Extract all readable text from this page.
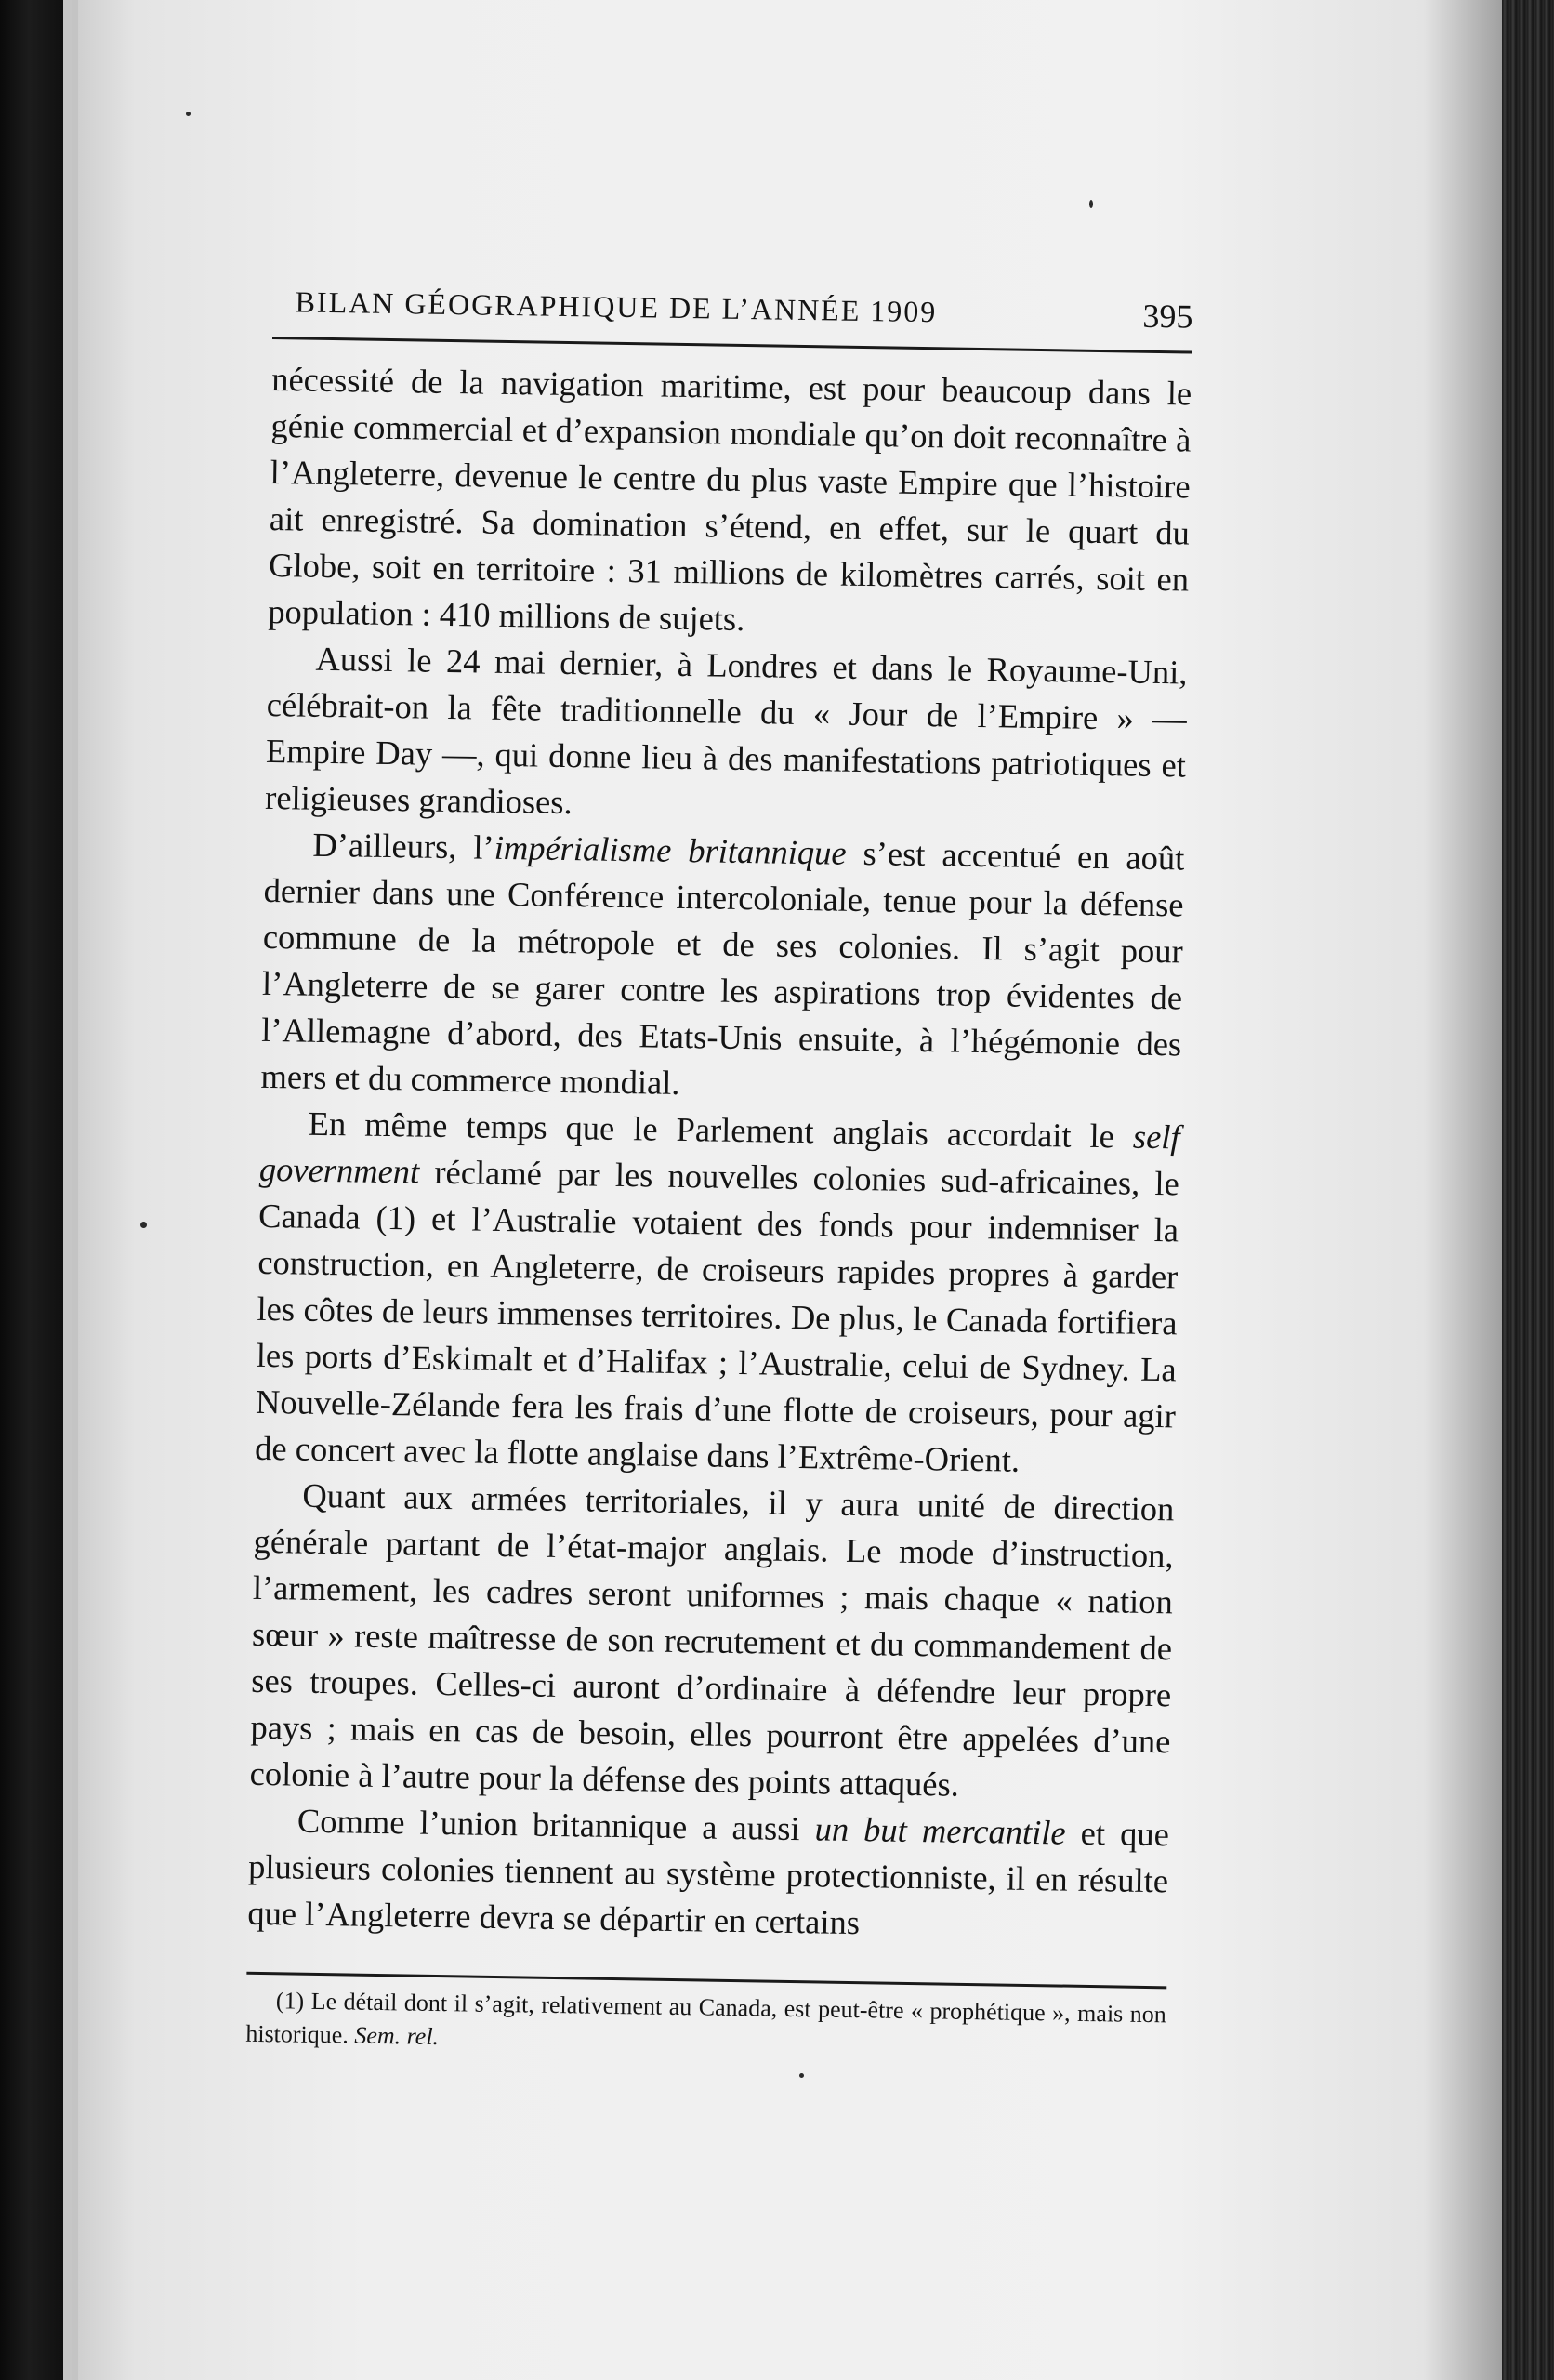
BILAN GÉOGRAPHIQUE DE L’ANNÉE 1909	395

nécessité de la navigation maritime, est pour beaucoup dans le génie commercial et d’expansion mondiale qu’on doit reconnaître à l’Angleterre, devenue le centre du plus vaste Empire que l’histoire ait enregistré. Sa domination s’étend, en effet, sur le quart du Globe, soit en territoire : 31 millions de kilomètres carrés, soit en population : 410 millions de sujets.

Aussi le 24 mai dernier, à Londres et dans le Royaume-Uni, célébrait-on la fête traditionnelle du « Jour de l’Empire » — Empire Day —, qui donne lieu à des manifestations patriotiques et religieuses grandioses.

D’ailleurs, l’impérialisme britannique s’est accentué en août dernier dans une Conférence intercoloniale, tenue pour la défense commune de la métropole et de ses colonies. Il s’agit pour l’Angleterre de se garer contre les aspirations trop évidentes de l’Allemagne d’abord, des Etats-Unis ensuite, à l’hégémonie des mers et du commerce mondial.

En même temps que le Parlement anglais accordait le self government réclamé par les nouvelles colonies sud-africaines, le Canada (1) et l’Australie votaient des fonds pour indemniser la construction, en Angleterre, de croiseurs rapides propres à garder les côtes de leurs immenses territoires. De plus, le Canada fortifiera les ports d’Eskimalt et d’Halifax ; l’Australie, celui de Sydney. La Nouvelle-Zélande fera les frais d’une flotte de croiseurs, pour agir de concert avec la flotte anglaise dans l’Extrême-Orient.

Quant aux armées territoriales, il y aura unité de direction générale partant de l’état-major anglais. Le mode d’instruction, l’armement, les cadres seront uniformes ; mais chaque « nation sœur » reste maîtresse de son recrutement et du commandement de ses troupes. Celles-ci auront d’ordinaire à défendre leur propre pays ; mais en cas de besoin, elles pourront être appelées d’une colonie à l’autre pour la défense des points attaqués.

Comme l’union britannique a aussi un but mercantile et que plusieurs colonies tiennent au système protectionniste, il en résulte que l’Angleterre devra se départir en certains

(1) Le détail dont il s’agit, relativement au Canada, est peut-être « prophétique », mais non historique. Sem. rel.
